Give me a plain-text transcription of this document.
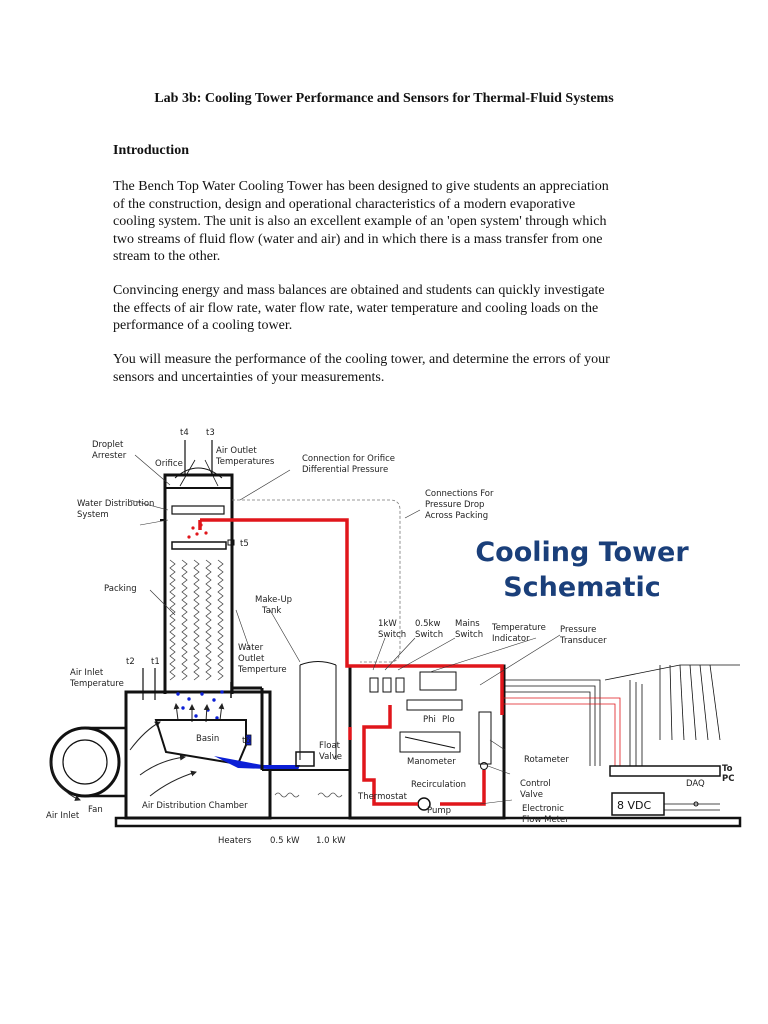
Lab 3b: Cooling Tower Performance and Sensors for Thermal-Fluid Systems
Introduction
The Bench Top Water Cooling Tower has been designed to give students an appreciation
of the construction, design and operational characteristics of a modern evaporative
cooling system. The unit is also an excellent example of an 'open system' through which
two streams of fluid flow (water and air) and in which there is a mass transfer from one
stream to the other.
Convincing energy and mass balances are obtained and students can quickly investigate
the effects of air flow rate, water flow rate, water temperature and cooling loads on the
performance of a cooling tower.
You will measure the performance of the cooling tower, and determine the errors of your
sensors and uncertainties of your measurements.
Cooling Tower
Schematic
Basin
Droplet
Arrester
Orifice
t4 t3
Air Outlet
Temperatures	Connection for Orifice
Differential Pressure
Connections For
Pressure Drop
Across Packing
Water Distribution
System
t5
Packing
Make-Up
Tank
Water
Outlet
Temperture
t2 t1
Air Inlet
Temperature
1kW
Switch
0.5kw
Switch
Mains
Switch
Temperature
Indicator
Pressure
Transducer
Phi Plo
t6	Float
Valve	Manometer
Recirculation
Thermostat
Pump
Rotameter
Control
Valve
Electronic
Flow Meter
Air Distribution Chamber
Fan
Air Inlet
Heaters 0.5 kW 1.0 kW
DAQ
8 VDC
To
PC
